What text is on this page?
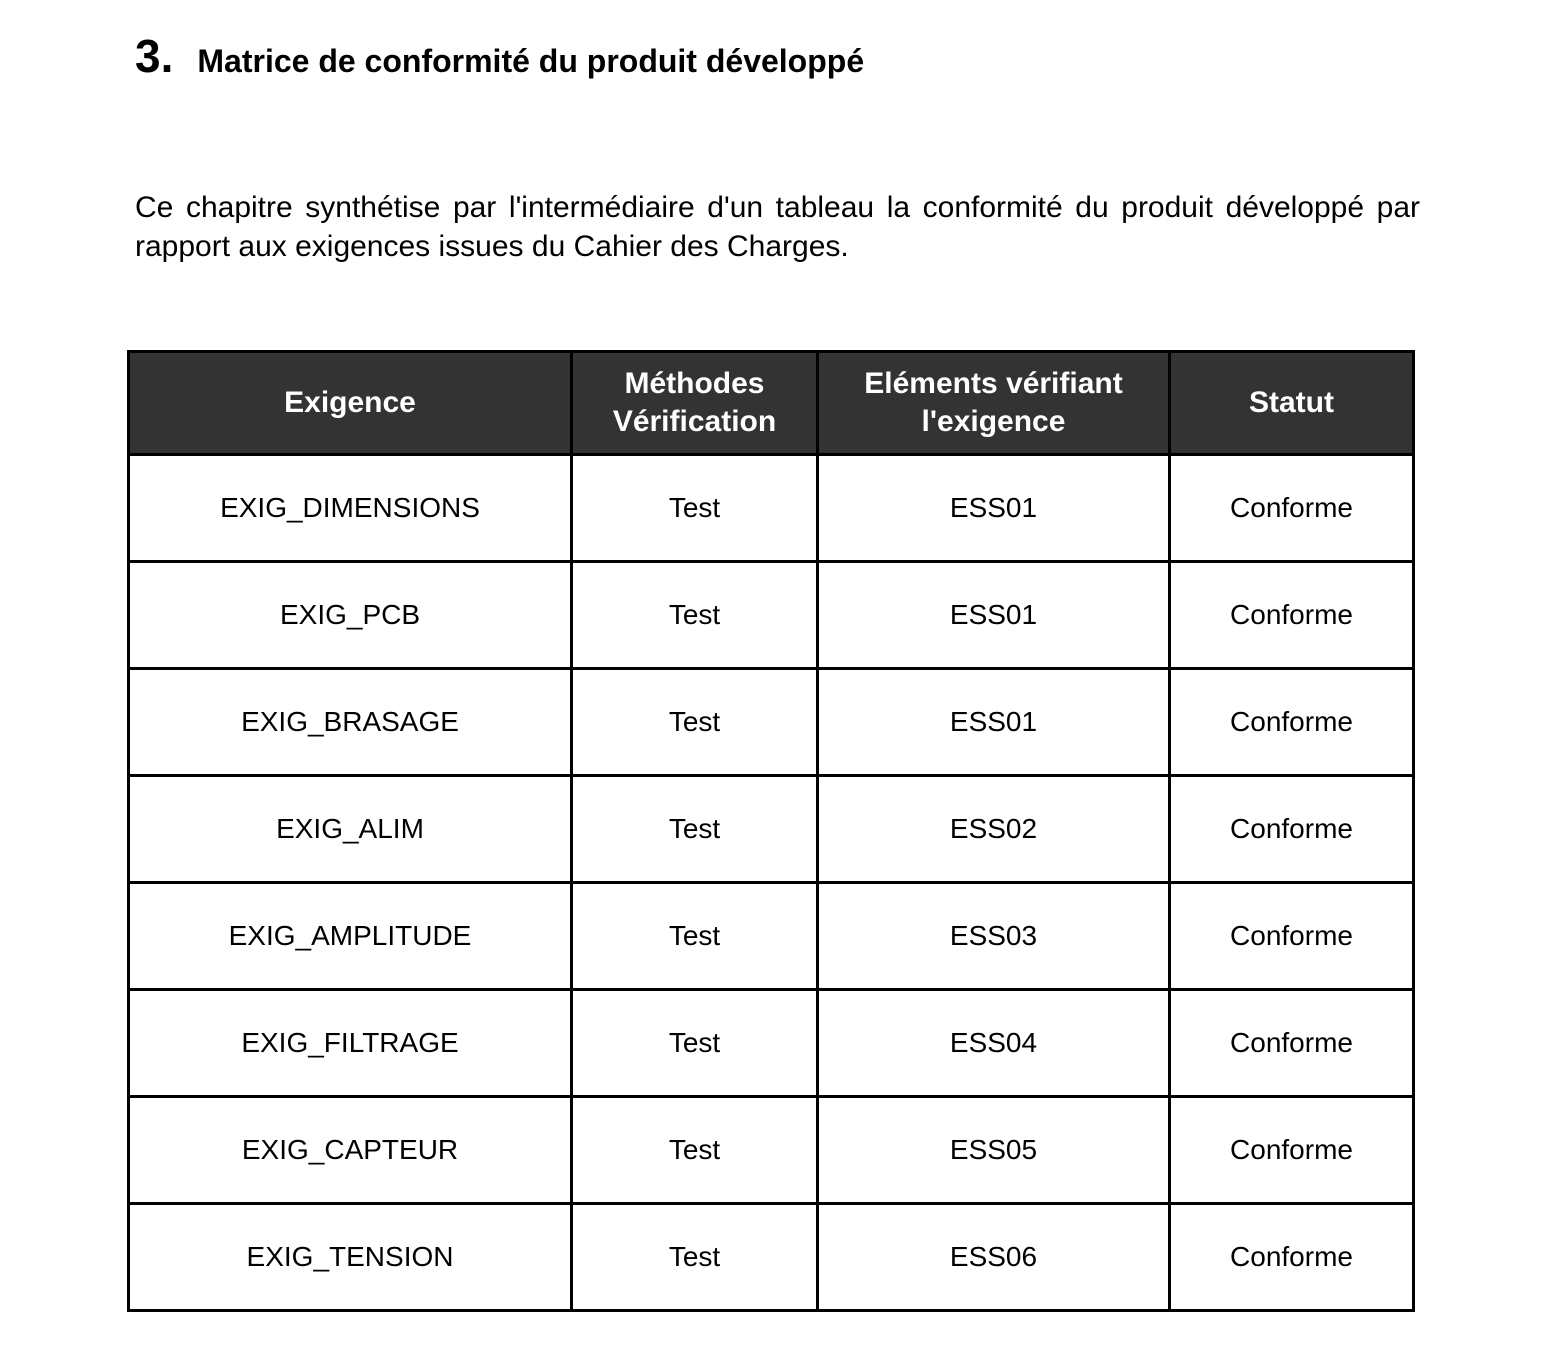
3. Matrice de conformité du produit développé

Ce chapitre synthétise par l'intermédiaire d'un tableau la conformité du produit développé par rapport aux exigences issues du Cahier des Charges.

Exigence	Méthodes Vérification	Eléments vérifiant l'exigence	Statut
EXIG_DIMENSIONS	Test	ESS01	Conforme
EXIG_PCB	Test	ESS01	Conforme
EXIG_BRASAGE	Test	ESS01	Conforme
EXIG_ALIM	Test	ESS02	Conforme
EXIG_AMPLITUDE	Test	ESS03	Conforme
EXIG_FILTRAGE	Test	ESS04	Conforme
EXIG_CAPTEUR	Test	ESS05	Conforme
EXIG_TENSION	Test	ESS06	Conforme
